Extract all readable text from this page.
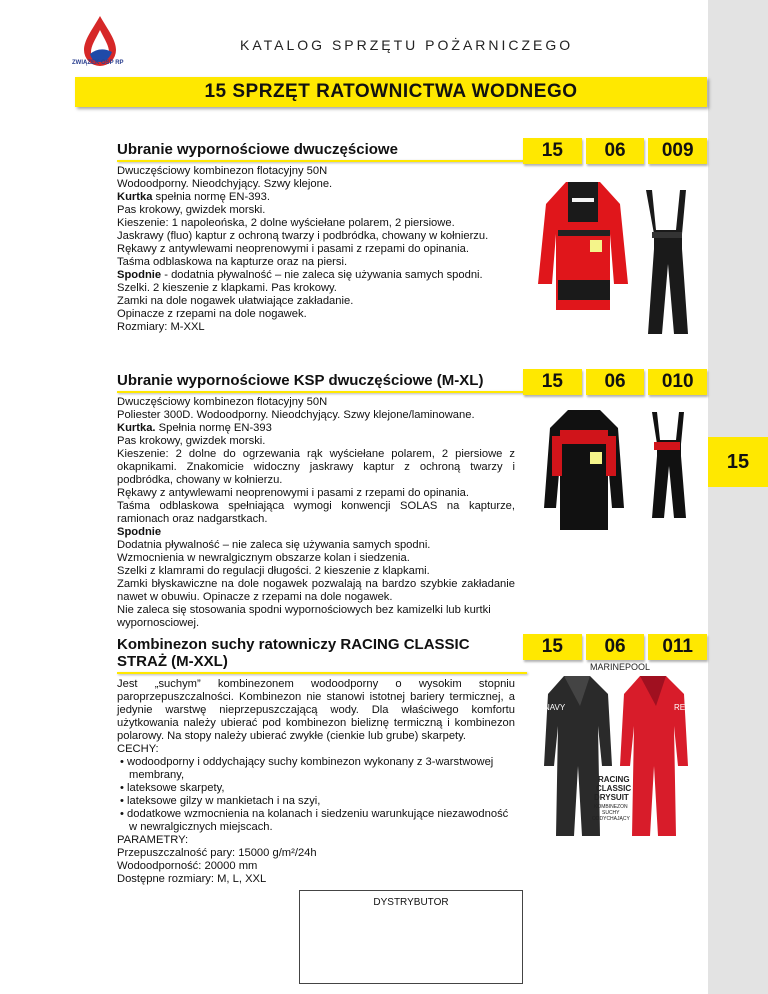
15
ZWIĄZEK OSP RP
KATALOG SPRZĘTU POŻARNICZEGO
15 SPRZĘT RATOWNICTWA WODNEGO
Ubranie wypornościowe dwuczęściowe	15	06	009

Dwuczęściowy kombinezon flotacyjny 50N

Wodoodporny. Nieodchyjący. Szwy klejone.

Kurtka spełnia normę EN-393.

Pas krokowy, gwizdek morski.

Kieszenie: 1 napoleońska, 2 dolne wyściełane polarem, 2 piersiowe.

Jaskrawy (fluo) kaptur z ochroną twarzy i podbródka, chowany w kołnierzu.

Rękawy z antywlewami neoprenowymi i pasami z rzepami do opinania.

Taśma odblaskowa na kapturze oraz na piersi.

Spodnie - dodatnia pływalność – nie zaleca się używania samych spodni.

Szelki. 2 kieszenie z klapkami. Pas krokowy.

Zamki na dole nogawek ułatwiające zakładanie.

Opinacze z rzepami na dole nogawek.

Rozmiary: M-XXL

Ubranie wypornościowe KSP dwuczęściowe (M-XL)	15	06	010

Dwuczęściowy kombinezon flotacyjny 50N

Poliester 300D. Wodoodporny. Nieodchyjący. Szwy klejone/laminowane.

Kurtka. Spełnia normę EN-393

Pas krokowy, gwizdek morski.

Kieszenie: 2 dolne do ogrzewania rąk wyściełane polarem, 2 piersiowe z okapnikami. Znakomicie widoczny jaskrawy kaptur z ochroną twarzy i podbródka, chowany w kołnierzu.

Rękawy z antywlewami neoprenowymi i pasami z rzepami do opinania.

Taśma odblaskowa spełniająca wymogi konwencji SOLAS na kapturze, ramionach oraz nadgarstkach.

Spodnie

Dodatnia pływalność – nie zaleca się używania samych spodni.

Wzmocnienia w newralgicznym obszarze kolan i siedzenia.

Szelki z klamrami do regulacji długości. 2 kieszenie z klapkami.

Zamki błyskawiczne na dole nogawek pozwalają na bardzo szybkie zakładanie nawet w obuwiu. Opinacze z rzepami na dole nogawek.

Nie zaleca się stosowania spodni wypornościowych bez kamizelki lub kurtki wypornosciowej.

Kombinezon suchy ratowniczy RACING CLASSIC STRAŻ (M-XXL)
15	06	011

Jest „suchym” kombinezonem wodoodporny o wysokim stopniu paroprzepuszczalności. Kombinezon nie stanowi istotnej bariery termicznej, a jedynie warstwę nieprzepuszczającą wody. Dla właściwego komfortu użytkowania należy ubierać pod kombinezon bieliznę termiczną i kombinezon polarowy. Na stopy należy ubierać zwykłe (cienkie lub grube) skarpety.

CECHY:

• wodoodporny i oddychający suchy kombinezon wykonany z 3-warstwowej membrany,

• lateksowe skarpety,

• lateksowe gilzy w mankietach i na szyi,

• dodatkowe wzmocnienia na kolanach i siedzeniu warunkujące niezawodność w newralgicznych miejscach.

PARAMETRY:

Przepuszczalność pary: 15000 g/m²/24h

Wodoodporność: 20000 mm

Dostępne rozmiary: M, L, XXL

MARINEPOOL
NAVY	RED
RACING
CLASSIC
DRYSUIT
KOMBINEZON
SUCHY
ODDYCHAJĄCY
DYSTRYBUTOR
